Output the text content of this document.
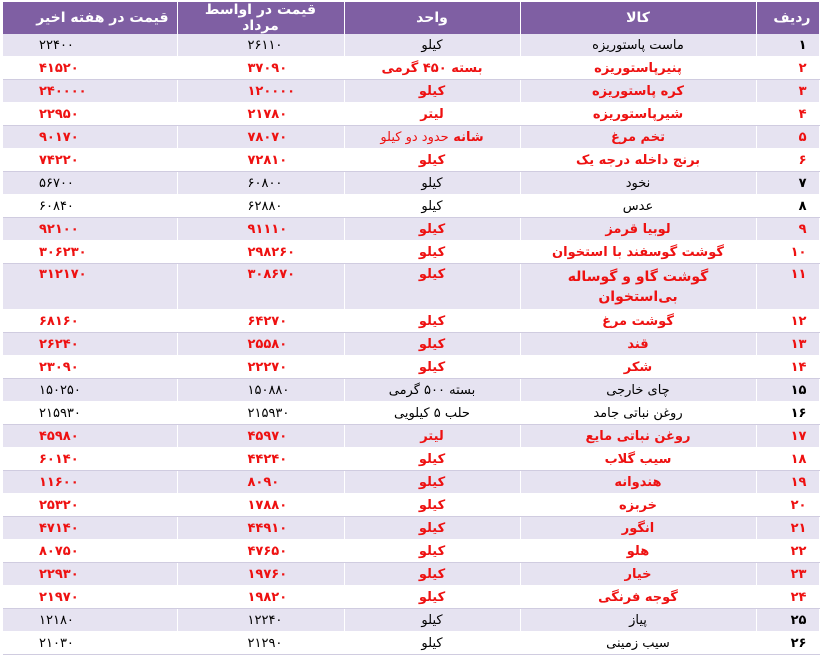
ردیف	کالا	واحد	قیمت در اواسط مرداد	قیمت در هفته اخیر
۱	ماست پاستوریزه	کیلو	۲۶۱۱۰	۲۲۴۰۰
۲	پنیرپاستوریزه	بسته ۴۵۰ گرمی	۳۷۰۹۰	۴۱۵۲۰
۳	کره پاستوریزه	کیلو	۱۲۰۰۰۰	۲۴۰۰۰۰
۴	شیرپاستوریزه	لیتر	۲۱۷۸۰	۲۲۹۵۰
۵	تخم مرغ	شانه حدود دو کیلو	۷۸۰۷۰	۹۰۱۷۰
۶	برنج داخله درجه یک	کیلو	۷۲۸۱۰	۷۴۲۲۰
۷	نخود	کیلو	۶۰۸۰۰	۵۶۷۰۰
۸	عدس	کیلو	۶۲۸۸۰	۶۰۸۴۰
۹	لوبیا قرمز	کیلو	۹۱۱۱۰	۹۲۱۰۰
۱۰	گوشت گوسفند با استخوان	کیلو	۲۹۸۲۶۰	۳۰۶۲۳۰
۱۱	گوشت گاو و گوساله بی‌استخوان	کیلو	۳۰۸۶۷۰	۳۱۲۱۷۰
۱۲	گوشت مرغ	کیلو	۶۴۲۷۰	۶۸۱۶۰
۱۳	قند	کیلو	۲۵۵۸۰	۲۶۲۴۰
۱۴	شکر	کیلو	۲۲۲۷۰	۲۳۰۹۰
۱۵	چای خارجی	بسته ۵۰۰ گرمی	۱۵۰۸۸۰	۱۵۰۲۵۰
۱۶	روغن نباتی جامد	حلب ۵ کیلویی	۲۱۵۹۳۰	۲۱۵۹۳۰
۱۷	روغن نباتی مایع	لیتر	۴۵۹۷۰	۴۵۹۸۰
۱۸	سیب گلاب	کیلو	۴۴۲۴۰	۶۰۱۴۰
۱۹	هندوانه	کیلو	۸۰۹۰	۱۱۶۰۰
۲۰	خربزه	کیلو	۱۷۸۸۰	۲۵۳۲۰
۲۱	انگور	کیلو	۴۴۹۱۰	۴۷۱۴۰
۲۲	هلو	کیلو	۴۷۶۵۰	۸۰۷۵۰
۲۳	خیار	کیلو	۱۹۷۶۰	۲۲۹۳۰
۲۴	گوجه فرنگی	کیلو	۱۹۸۲۰	۲۱۹۷۰
۲۵	پیاز	کیلو	۱۲۲۴۰	۱۲۱۸۰
۲۶	سیب زمینی	کیلو	۲۱۲۹۰	۲۱۰۳۰
